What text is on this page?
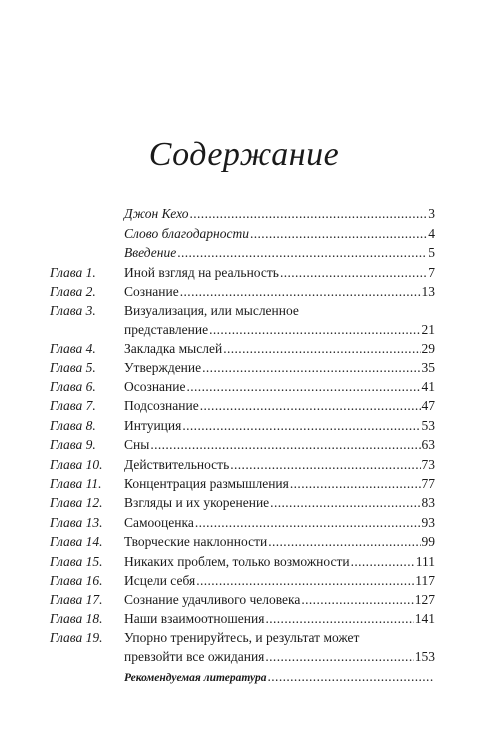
Содержание
Джон Кехо .....	3
Слово благодарности .....	4
Введение .....	5
Глава 1. Иной взгляд на реальность .....	7
Глава 2. Сознание .....	13
Глава 3. Визуализация, или мысленное
представление .....	21
Глава 4. Закладка мыслей .....	29
Глава 5. Утверждение .....	35
Глава 6. Осознание .....	41
Глава 7. Подсознание .....	47
Глава 8. Интуиция .....	53
Глава 9. Сны .....	63
Глава 10. Действительность .....	73
Глава 11. Концентрация размышления .....	77
Глава 12. Взгляды и их укоренение .....	83
Глава 13. Самооценка .....	93
Глава 14. Творческие наклонности .....	99
Глава 15. Никаких проблем, только возможности .....	111
Глава 16. Исцели себя .....	117
Глава 17. Сознание удачливого человека .....	127
Глава 18. Наши взаимоотношения .....	141
Глава 19. Упорно тренируйтесь, и результат может
превзойти все ожидания .....	153
Рекомендуемая литература
.....
